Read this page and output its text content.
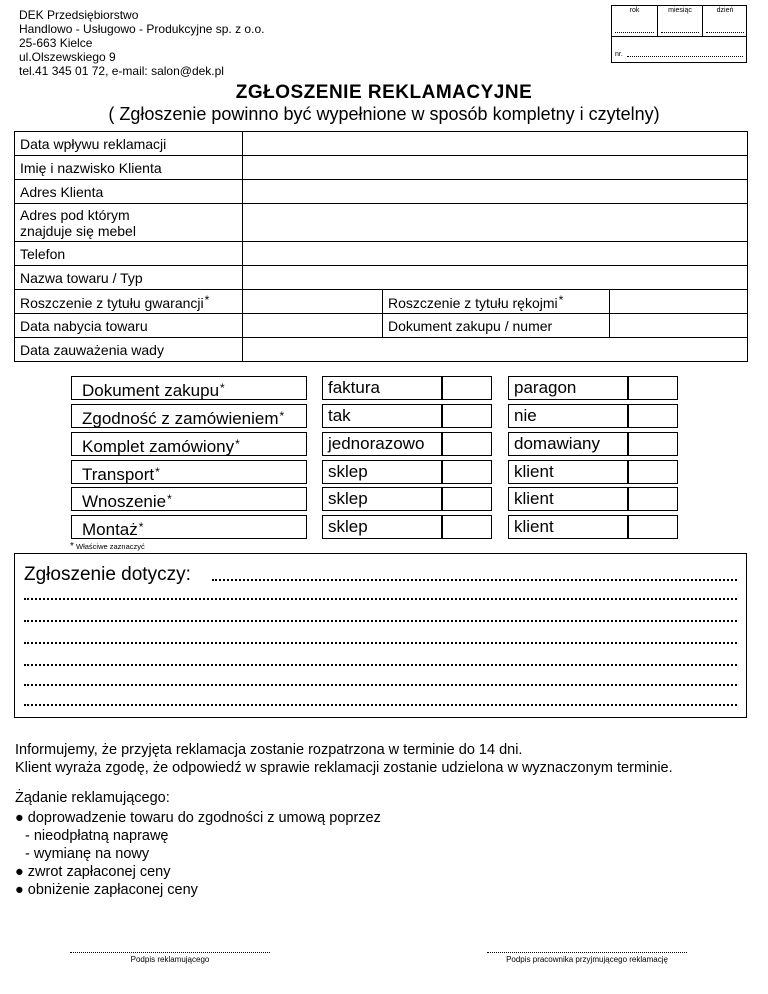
DEK Przedsiębiorstwo
Handlowo - Usługowo - Produkcyjne sp. z o.o.
25-663 Kielce
ul.Olszewskiego 9
tel.41 345 01 72, e-mail: salon@dek.pl
rok	miesiąc	dzień
nr.
ZGŁOSZENIE REKLAMACYJNE
( Zgłoszenie powinno być wypełnione w sposób kompletny i czytelny)
Data wpływu reklamacji			
Imię i nazwisko Klienta			
Adres Klienta			
Adres pod którym
znajduje się mebel			
Telefon			
Nazwa towaru / Typ			
Roszczenie z tytułu gwarancji*		Roszczenie z tytułu rękojmi*	
Data nabycia towaru		Dokument zakupu / numer	
Data zauważenia wady			
Dokument zakupu*	faktura	paragon
Zgodność z zamówieniem*	tak	nie
Komplet zamówiony*	jednorazowo	domawiany
Transport*	sklep	klient
Wnoszenie*	sklep	klient
Montaż*	sklep	klient
* Właściwe zaznaczyć
Zgłoszenie dotyczy:
Informujemy, że przyjęta reklamacja zostanie rozpatrzona w terminie do 14 dni.
Klient wyraża zgodę, że odpowiedź w sprawie reklamacji zostanie udzielona w wyznaczonym terminie.
Żądanie reklamującego:
● doprowadzenie towaru do zgodności z umową poprzez
- nieodpłatną naprawę
- wymianę na nowy
● zwrot zapłaconej ceny
● obniżenie zapłaconej ceny
Podpis reklamującego	Podpis pracownika przyjmującego reklamację
